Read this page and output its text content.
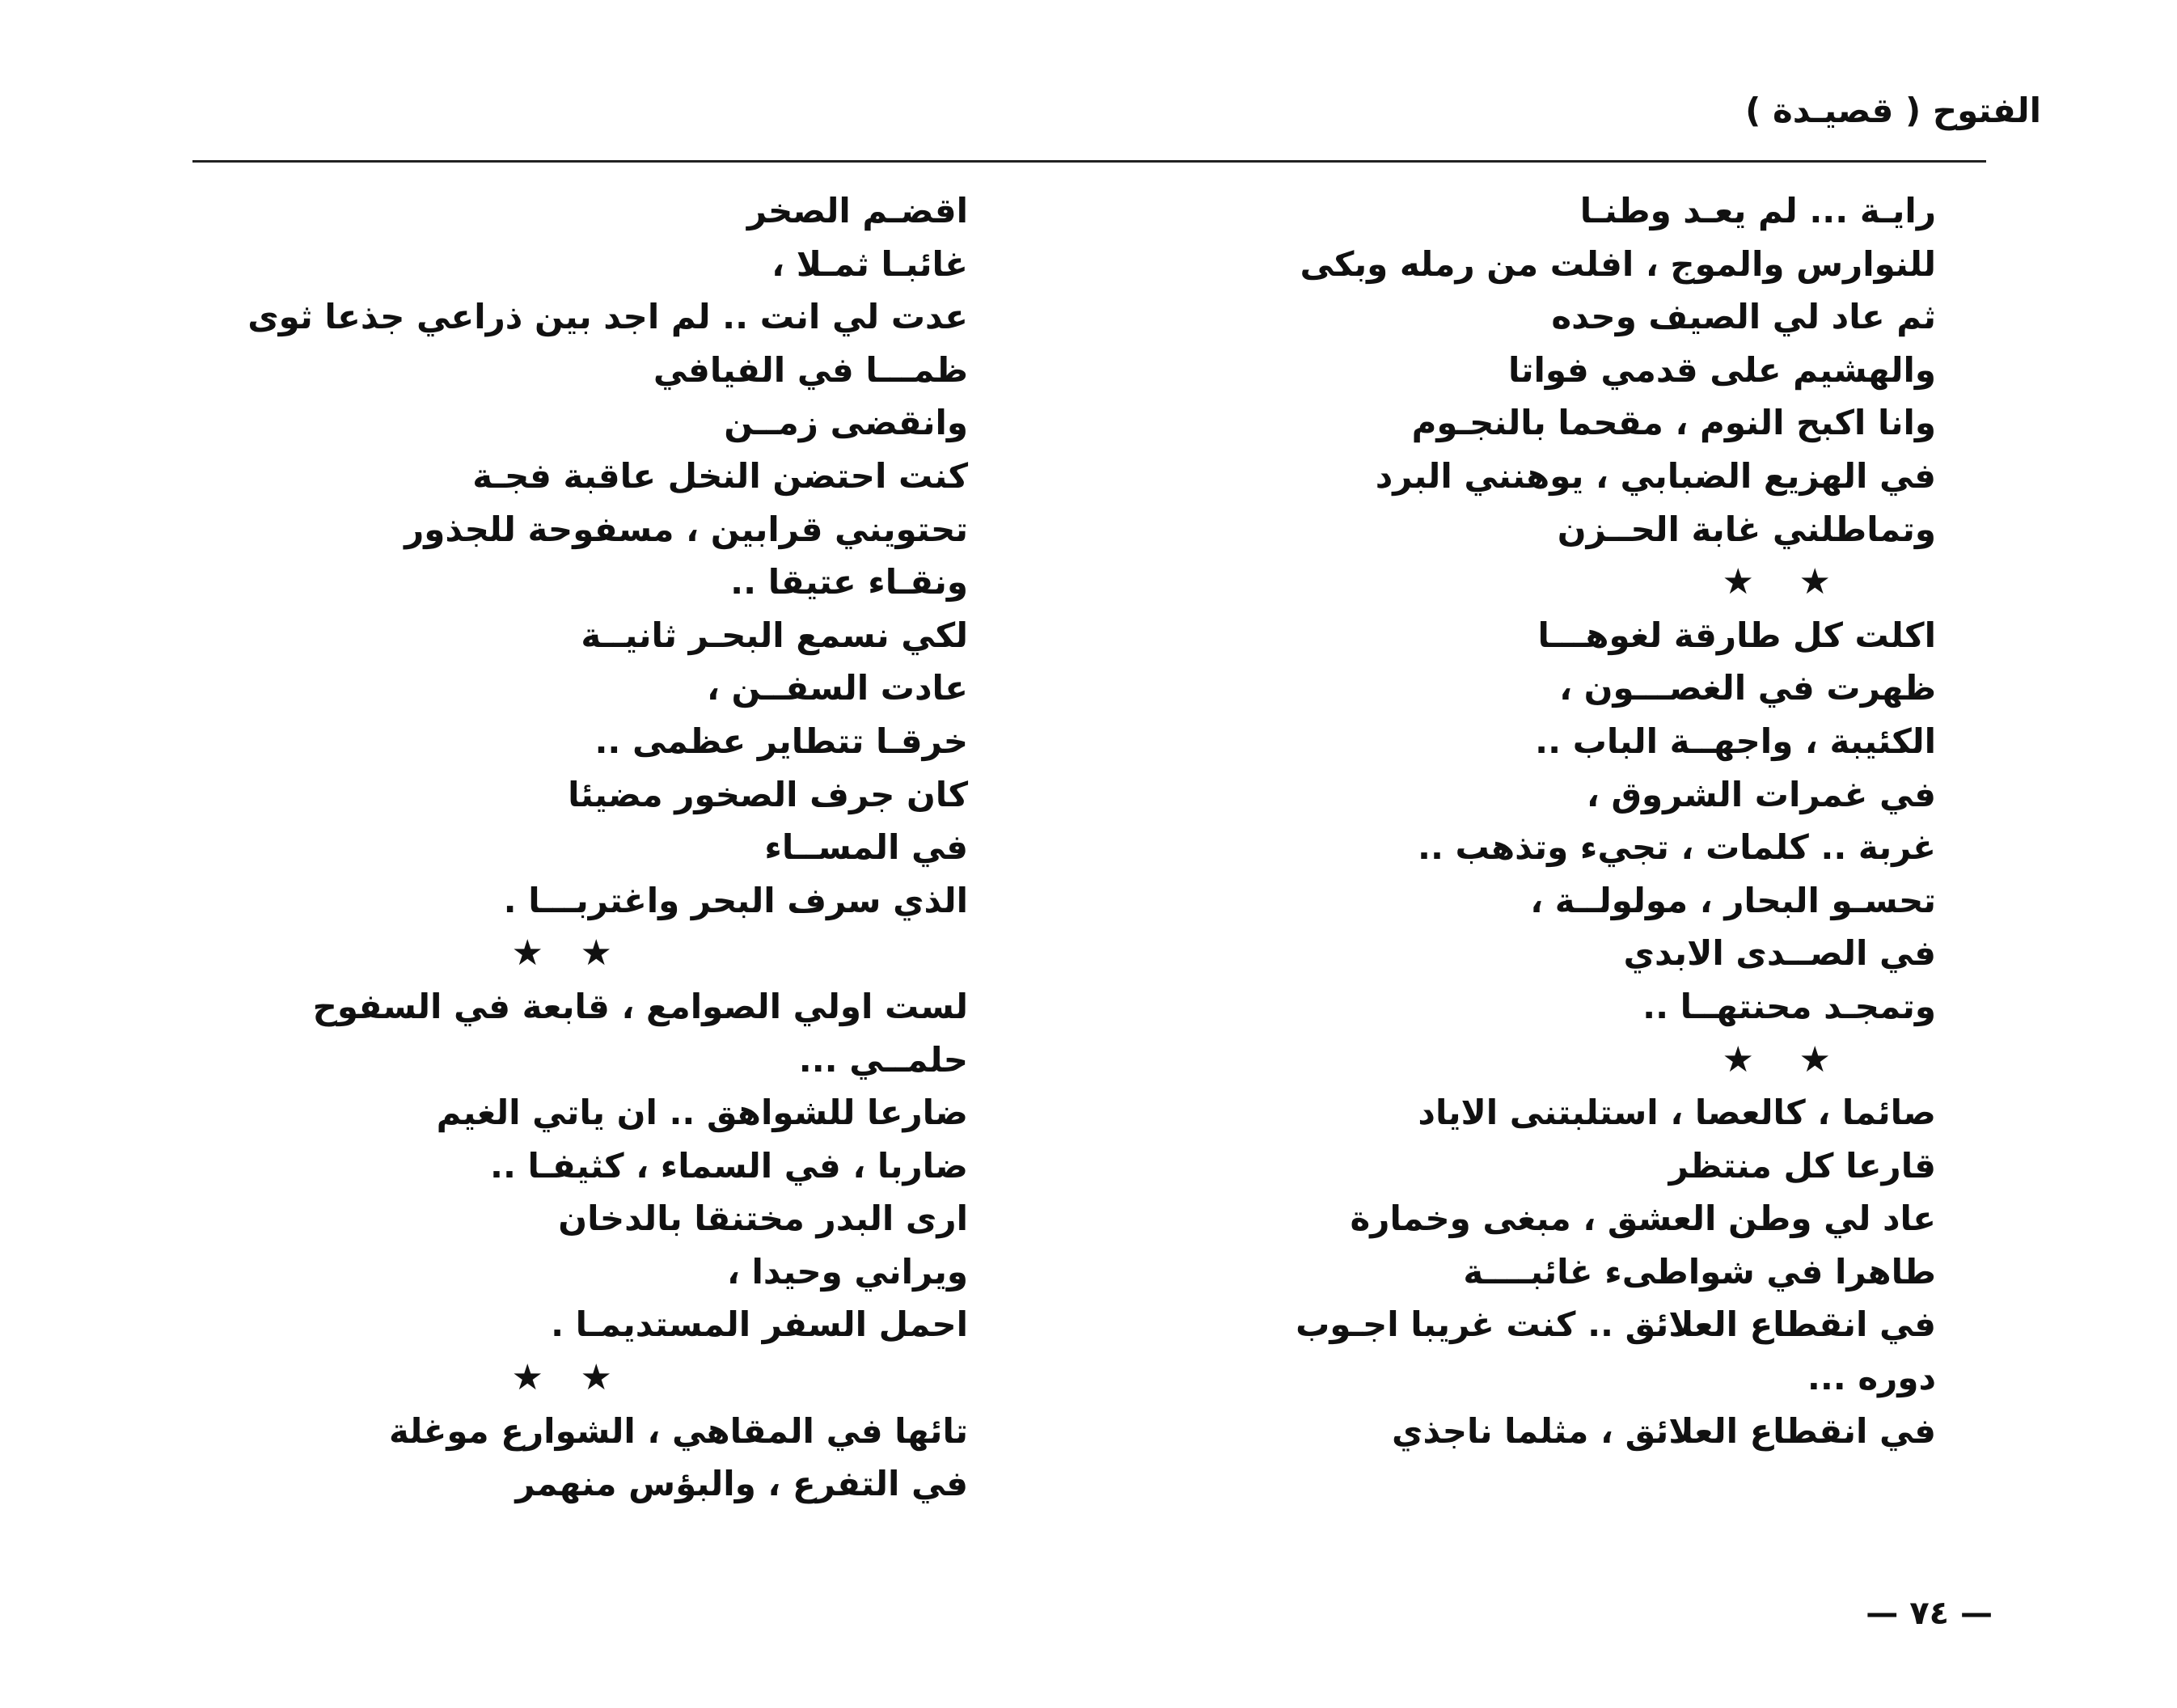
الفتوح ( قصيـدة )
رايـة ... لم يعـد وطنـا
للنوارس والموج ، افلت من رمله وبكى
ثم عاد لي الصيف وحده
والهشيم على قدمي فواتا
وانا اكبح النوم ، مقحما بالنجـوم
في الهزيع الضبابي ، يوهنني البرد
وتماطلني غابة الحــزن
★
★
اكلت كل طارقة لغوهـــا
ظهرت في الغصـــون ،
الكئيبة ، واجهــة الباب ..
في غمرات الشروق ،
غربة .. كلمات ، تجيء وتذهب ..
تحسـو البحار ، مولولــة ،
في الصــدى الابدي
وتمجـد محنتهــا ..
★
★
صائما ، كالعصا ، استلبتنى الاياد
قارعا كل منتظر
عاد لي وطن العشق ، مبغى وخمارة
طاهرا في شواطىء غائبــــة
في انقطاع العلائق .. كنت غريبا اجـوب
دوره ...
في انقطاع العلائق ، مثلما ناجذي
اقضـم الصخر
غائبـا ثمـلا ،
عدت لي انت .. لم اجد بين ذراعي جذعا ثوى
ظمـــا في الفيافي
وانقضى زمــن
كنت احتضن النخل عاقبة فجـة
تحتويني قرابين ، مسفوحة للجذور
ونقـاء عتيقا ..
لكي نسمع البحـر ثانيــة
عادت السفــن ،
خرقـا تتطاير عظمى ..
كان جرف الصخور مضيئا
في المســاء
الذي سرف البحر واغتربـــا .
★
★
لست اولي الصوامع ، قابعة في السفوح
حلمــي ...
ضارعا للشواهق .. ان ياتي الغيم
ضاربا ، في السماء ، كثيفـا ..
ارى البدر مختنقا بالدخان
ويراني وحيدا ،
احمل السفر المستديمـا .
★
★
تائها في المقاهي ، الشوارع موغلة
في التفرع ، والبؤس منهمر
— ٧٤ —
